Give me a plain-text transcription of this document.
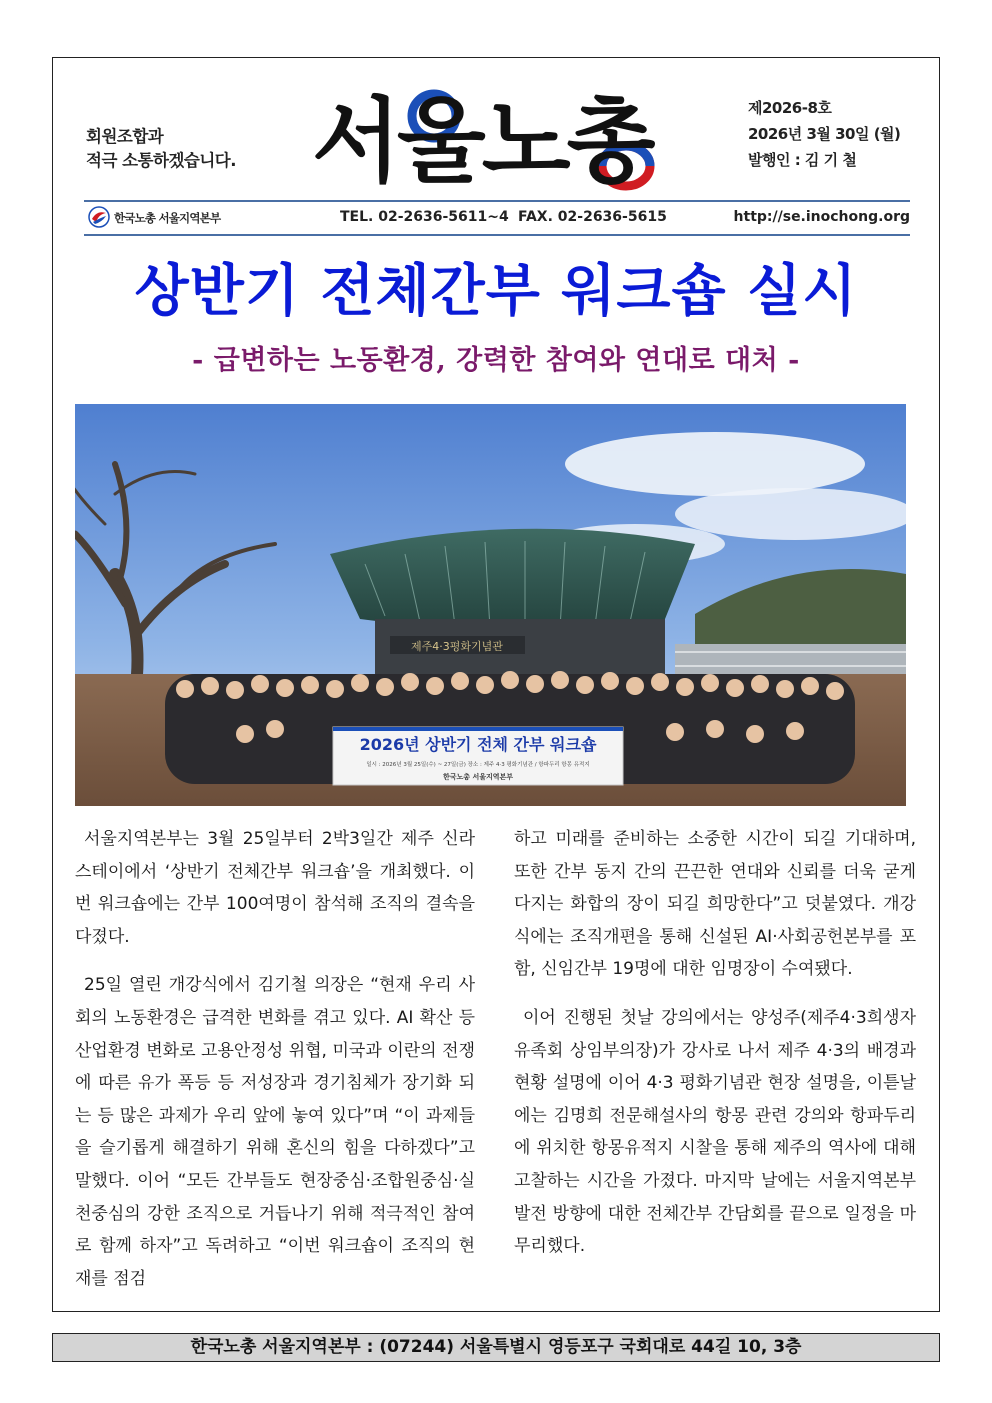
회원조합과
적극 소통하겠습니다. 서울노총	제2026-8호
2026년 3월 30일 (월)
발행인 : 김 기 철
한국노총 서울지역본부	TEL. 02-2636-5611~4 FAX. 02-2636-5615	http://se.inochong.org
상반기 전체간부 워크숍 실시
- 급변하는 노동환경, 강력한 참여와 연대로 대처 -
제주4·3평화기념관
2026년 상반기 전체 간부 워크숍
일시 : 2026년 3월 25일(수) ~ 27일(금) 장소 : 제주 4·3 평화기념관 / 항파두리 항몽 유적지
한국노총 서울지역본부

서울지역본부는 3월 25일부터 2박3일간 제주 신라스테이에서 ‘상반기 전체간부 워크숍’을 개최했다. 이번 워크숍에는 간부 100여명이 참석해 조직의 결속을 다졌다.

25일 열린 개강식에서 김기철 의장은 “현재 우리 사회의 노동환경은 급격한 변화를 겪고 있다. AI 확산 등 산업환경 변화로 고용안정성 위협, 미국과 이란의 전쟁에 따른 유가 폭등 등 저성장과 경기침체가 장기화 되는 등 많은 과제가 우리 앞에 놓여 있다”며 “이 과제들을 슬기롭게 해결하기 위해 혼신의 힘을 다하겠다”고 말했다. 이어 “모든 간부들도 현장중심·조합원중심·실천중심의 강한 조직으로 거듭나기 위해 적극적인 참여로 함께 하자”고 독려하고 “이번 워크숍이 조직의 현재를 점검

하고 미래를 준비하는 소중한 시간이 되길 기대하며, 또한 간부 동지 간의 끈끈한 연대와 신뢰를 더욱 굳게 다지는 화합의 장이 되길 희망한다”고 덧붙였다. 개강식에는 조직개편을 통해 신설된 AI·사회공헌본부를 포함, 신임간부 19명에 대한 임명장이 수여됐다.

이어 진행된 첫날 강의에서는 양성주(제주4·3희생자유족회 상임부의장)가 강사로 나서 제주 4·3의 배경과 현황 설명에 이어 4·3 평화기념관 현장 설명을, 이튿날에는 김명희 전문해설사의 항몽 관련 강의와 항파두리에 위치한 항몽유적지 시찰을 통해 제주의 역사에 대해 고찰하는 시간을 가졌다. 마지막 날에는 서울지역본부 발전 방향에 대한 전체간부 간담회를 끝으로 일정을 마무리했다.

한국노총 서울지역본부 : (07244) 서울특별시 영등포구 국회대로 44길 10, 3층
